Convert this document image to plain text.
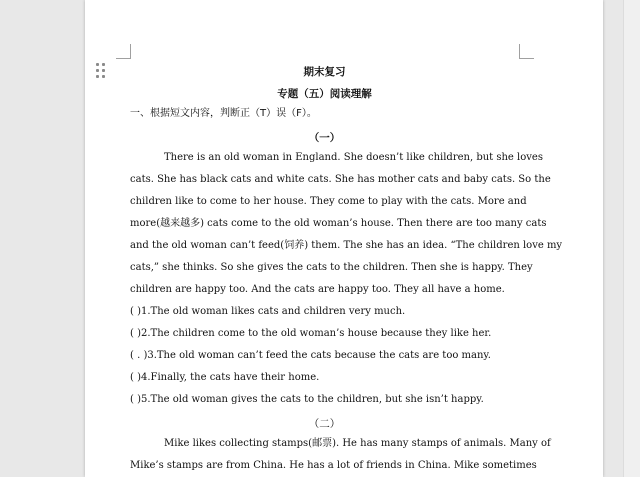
期末复习
专题（五）阅读理解
一、根据短文内容，判断正（T）误（F）。
（一）
There is an old woman in England. She doesn’t like children, but she loves
cats. She has black cats and white cats. She has mother cats and baby cats. So the
children like to come to her house. They come to play with the cats. More and
more(越来越多) cats come to the old woman’s house. Then there are too many cats
and the old woman can’t feed(饲养) them. The she has an idea. “The children love my
cats,” she thinks. So she gives the cats to the children. Then she is happy. They
children are happy too. And the cats are happy too. They all have a home.
( )1.The old woman likes cats and children very much.
( )2.The children come to the old woman’s house because they like her.
( . )3.The old woman can’t feed the cats because the cats are too many.
( )4.Finally, the cats have their home.
( )5.The old woman gives the cats to the children, but she isn’t happy.
（二）
Mike likes collecting stamps(邮票). He has many stamps of animals. Many of
Mike’s stamps are from China. He has a lot of friends in China. Mike sometimes
